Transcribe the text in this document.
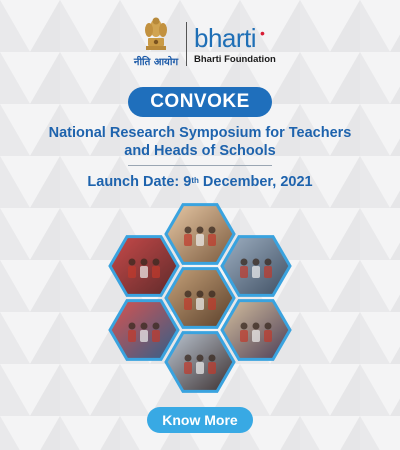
नीति आयोग
bharti •
Bharti Foundation
CONVOKE
National Research Symposium for Teachers
and Heads of Schools
Launch Date: 9th December, 2021
Know More
